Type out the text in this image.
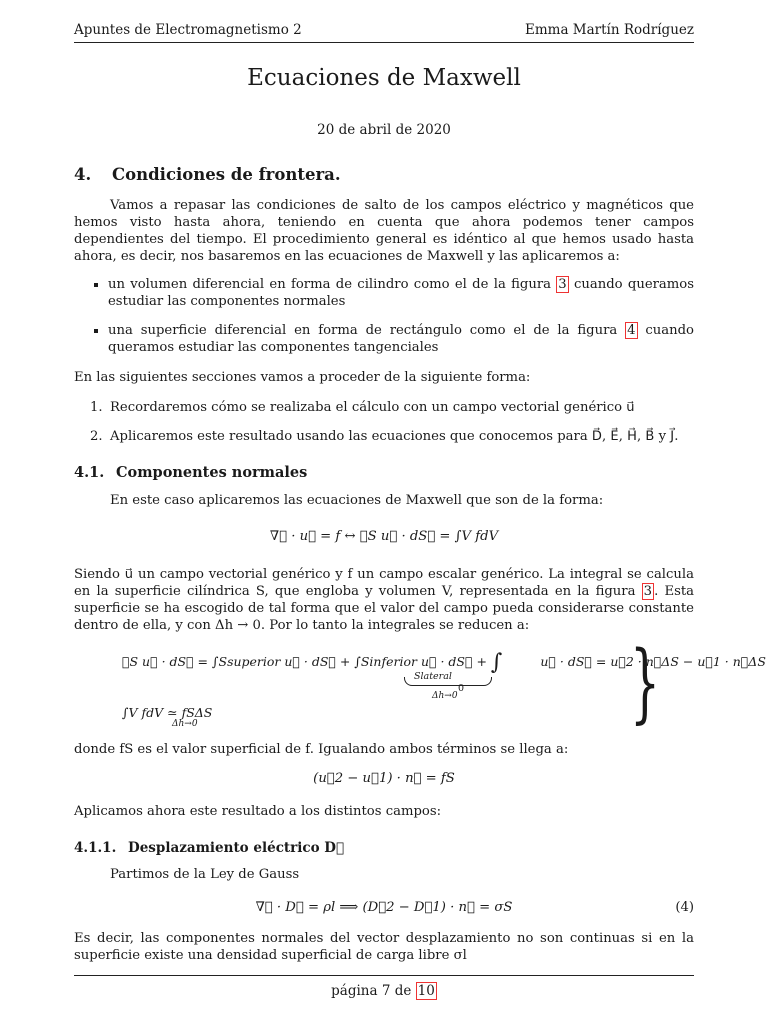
Apuntes de Electromagnetismo 2	Emma Martín Rodríguez
Ecuaciones de Maxwell
20 de abril de 2020
4. Condiciones de frontera.
Vamos a repasar las condiciones de salto de los campos eléctrico y magnéticos que hemos visto hasta ahora, teniendo en cuenta que ahora podemos tener campos dependientes del tiempo. El procedimiento general es idéntico al que hemos usado hasta ahora, es decir, nos basaremos en las ecuaciones de Maxwell y las aplicaremos a:
un volumen diferencial en forma de cilindro como el de la figura 3 cuando queramos estudiar las componentes normales
una superficie diferencial en forma de rectángulo como el de la figura 4 cuando queramos estudiar las componentes tangenciales
En las siguientes secciones vamos a proceder de la siguiente forma:
1. Recordaremos cómo se realizaba el cálculo con un campo vectorial genérico u⃗
2. Aplicaremos este resultado usando las ecuaciones que conocemos para D⃗, E⃗, H⃗, B⃗ y J⃗.
4.1. Componentes normales
En este caso aplicaremos las ecuaciones de Maxwell que son de la forma:
∇⃗ · u⃗ = f ↔ ∮S u⃗ · dS⃗ = ∫V fdV
Siendo u⃗ un campo vectorial genérico y f un campo escalar genérico. La integral se calcula en la superficie cilíndrica S, que engloba y volumen V, representada en la figura 3 . Esta superficie se ha escogido de tal forma que el valor del campo pueda considerarse constante dentro de ella, y con Δh → 0. Por lo tanto la integrales se reducen a:
∮S u⃗ · dS⃗ = ∫Ssuperior u⃗ · dS⃗ + ∫Sinferior u⃗ · dS⃗ + ∫	u⃗ · dS⃗ = u⃗2 · n⃗ΔS − u⃗1 · n⃗ΔS
Slateral
Δh→0
0
∫V fdV ≃ fSΔS
Δh→0	}
donde fS es el valor superficial de f. Igualando ambos términos se llega a:
(u⃗2 − u⃗1) · n⃗ = fS
Aplicamos ahora este resultado a los distintos campos:
4.1.1. Desplazamiento eléctrico D⃗
Partimos de la Ley de Gauss
∇⃗ · D⃗ = ρl ⟹ (D⃗2 − D⃗1) · n⃗ = σS	(4)
Es decir, las componentes normales del vector desplazamiento no son continuas si en la superficie existe una densidad superficial de carga libre σl
página 7 de 10
